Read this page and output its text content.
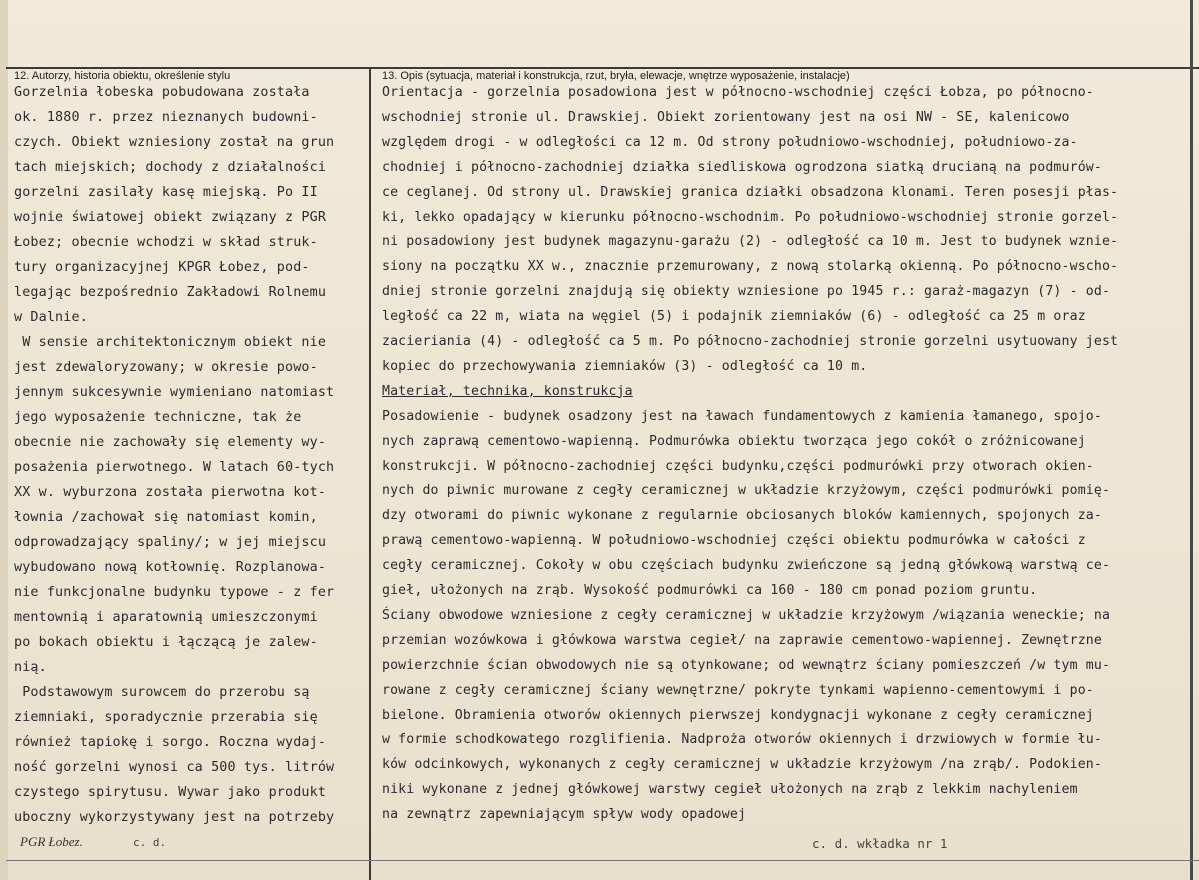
12. Autorzy, historia obiektu, określenie stylu	13. Opis (sytuacja, materiał i konstrukcja, rzut, bryła, elewacje, wnętrze wyposażenie, instalacje)
Gorzelnia łobeska pobudowana została
ok. 1880 r. przez nieznanych budowni-
czych. Obiekt wzniesiony został na grun
tach miejskich; dochody z działalności
gorzelni zasilały kasę miejską. Po II
wojnie światowej obiekt związany z PGR
Łobez; obecnie wchodzi w skład struk-
tury organizacyjnej KPGR Łobez, pod-
legając bezpośrednio Zakładowi Rolnemu
w Dalnie.
W sensie architektonicznym obiekt nie
jest zdewaloryzowany; w okresie powo-
jennym sukcesywnie wymieniano natomiast
jego wyposażenie techniczne, tak że
obecnie nie zachowały się elementy wy-
posażenia pierwotnego. W latach 60-tych
XX w. wyburzona została pierwotna kot-
łownia /zachował się natomiast komin,
odprowadzający spaliny/; w jej miejscu
wybudowano nową kotłownię. Rozplanowa-
nie funkcjonalne budynku typowe - z fer
mentownią i aparatownią umieszczonymi
po bokach obiektu i łączącą je zalew-
nią.
Podstawowym surowcem do przerobu są
ziemniaki, sporadycznie przerabia się
również tapiokę i sorgo. Roczna wydaj-
ność gorzelni wynosi ca 500 tys. litrów
czystego spirytusu. Wywar jako produkt
uboczny wykorzystywany jest na potrzeby
Orientacja - gorzelnia posadowiona jest w północno-wschodniej części Łobza, po północno-
wschodniej stronie ul. Drawskiej. Obiekt zorientowany jest na osi NW - SE, kalenicowo
względem drogi - w odległości ca 12 m. Od strony południowo-wschodniej, południowo-za-
chodniej i północno-zachodniej działka siedliskowa ogrodzona siatką drucianą na podmurów-
ce ceglanej. Od strony ul. Drawskiej granica działki obsadzona klonami. Teren posesji płas-
ki, lekko opadający w kierunku północno-wschodnim. Po południowo-wschodniej stronie gorzel-
ni posadowiony jest budynek magazynu-garażu (2) - odległość ca 10 m. Jest to budynek wznie-
siony na początku XX w., znacznie przemurowany, z nową stolarką okienną. Po północno-wscho-
dniej stronie gorzelni znajdują się obiekty wzniesione po 1945 r.: garaż-magazyn (7) - od-
ległość ca 22 m, wiata na węgiel (5) i podajnik ziemniaków (6) - odległość ca 25 m oraz
zacieriania (4) - odległość ca 5 m. Po północno-zachodniej stronie gorzelni usytuowany jest
kopiec do przechowywania ziemniaków (3) - odległość ca 10 m.
Materiał, technika, konstrukcja
Posadowienie - budynek osadzony jest na ławach fundamentowych z kamienia łamanego, spojo-
nych zaprawą cementowo-wapienną. Podmurówka obiektu tworząca jego cokół o zróżnicowanej
konstrukcji. W północno-zachodniej części budynku,części podmurówki przy otworach okien-
nych do piwnic murowane z cegły ceramicznej w układzie krzyżowym, części podmurówki pomię-
dzy otworami do piwnic wykonane z regularnie obciosanych bloków kamiennych, spojonych za-
prawą cementowo-wapienną. W południowo-wschodniej części obiektu podmurówka w całości z
cegły ceramicznej. Cokoły w obu częściach budynku zwieńczone są jedną główkową warstwą ce-
gieł, ułożonych na zrąb. Wysokość podmurówki ca 160 - 180 cm ponad poziom gruntu.
Ściany obwodowe wzniesione z cegły ceramicznej w układzie krzyżowym /wiązania weneckie; na
przemian wozówkowa i główkowa warstwa cegieł/ na zaprawie cementowo-wapiennej. Zewnętrzne
powierzchnie ścian obwodowych nie są otynkowane; od wewnątrz ściany pomieszczeń /w tym mu-
rowane z cegły ceramicznej ściany wewnętrzne/ pokryte tynkami wapienno-cementowymi i po-
bielone. Obramienia otworów okiennych pierwszej kondygnacji wykonane z cegły ceramicznej
w formie schodkowatego rozglifienia. Nadproża otworów okiennych i drzwiowych w formie łu-
ków odcinkowych, wykonanych z cegły ceramicznej w układzie krzyżowym /na zrąb/. Podokien-
niki wykonane z jednej główkowej warstwy cegieł ułożonych na zrąb z lekkim nachyleniem
na zewnątrz zapewniającym spływ wody opadowej
PGR Łobez.	c. d.	c. d. wkładka nr 1
